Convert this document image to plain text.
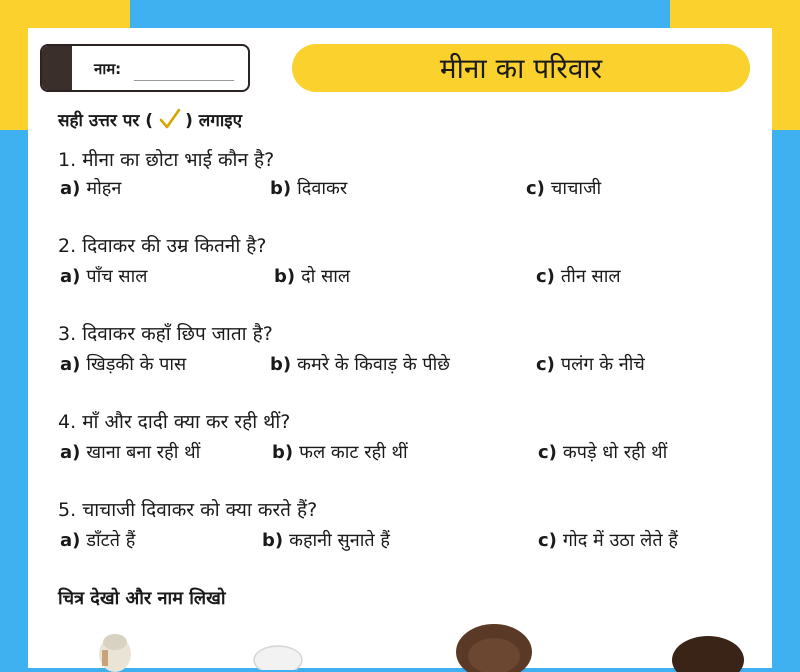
नाम:	मीना का परिवार
सही उत्तर पर ( ) लगाइए
1. मीना का छोटा भाई कौन है?
a) मोहन	b) दिवाकर	c) चाचाजी
2. दिवाकर की उम्र कितनी है?
a) पाँच साल	b) दो साल	c) तीन साल
3. दिवाकर कहाँ छिप जाता है?
a) खिड़की के पास	b) कमरे के किवाड़ के पीछे	c) पलंग के नीचे
4. माँ और दादी क्या कर रही थीं?
a) खाना बना रही थीं	b) फल काट रही थीं	c) कपड़े धो रही थीं
5. चाचाजी दिवाकर को क्या करते हैं?
a) डाँटते हैं	b) कहानी सुनाते हैं	c) गोद में उठा लेते हैं
चित्र देखो और नाम लिखो
